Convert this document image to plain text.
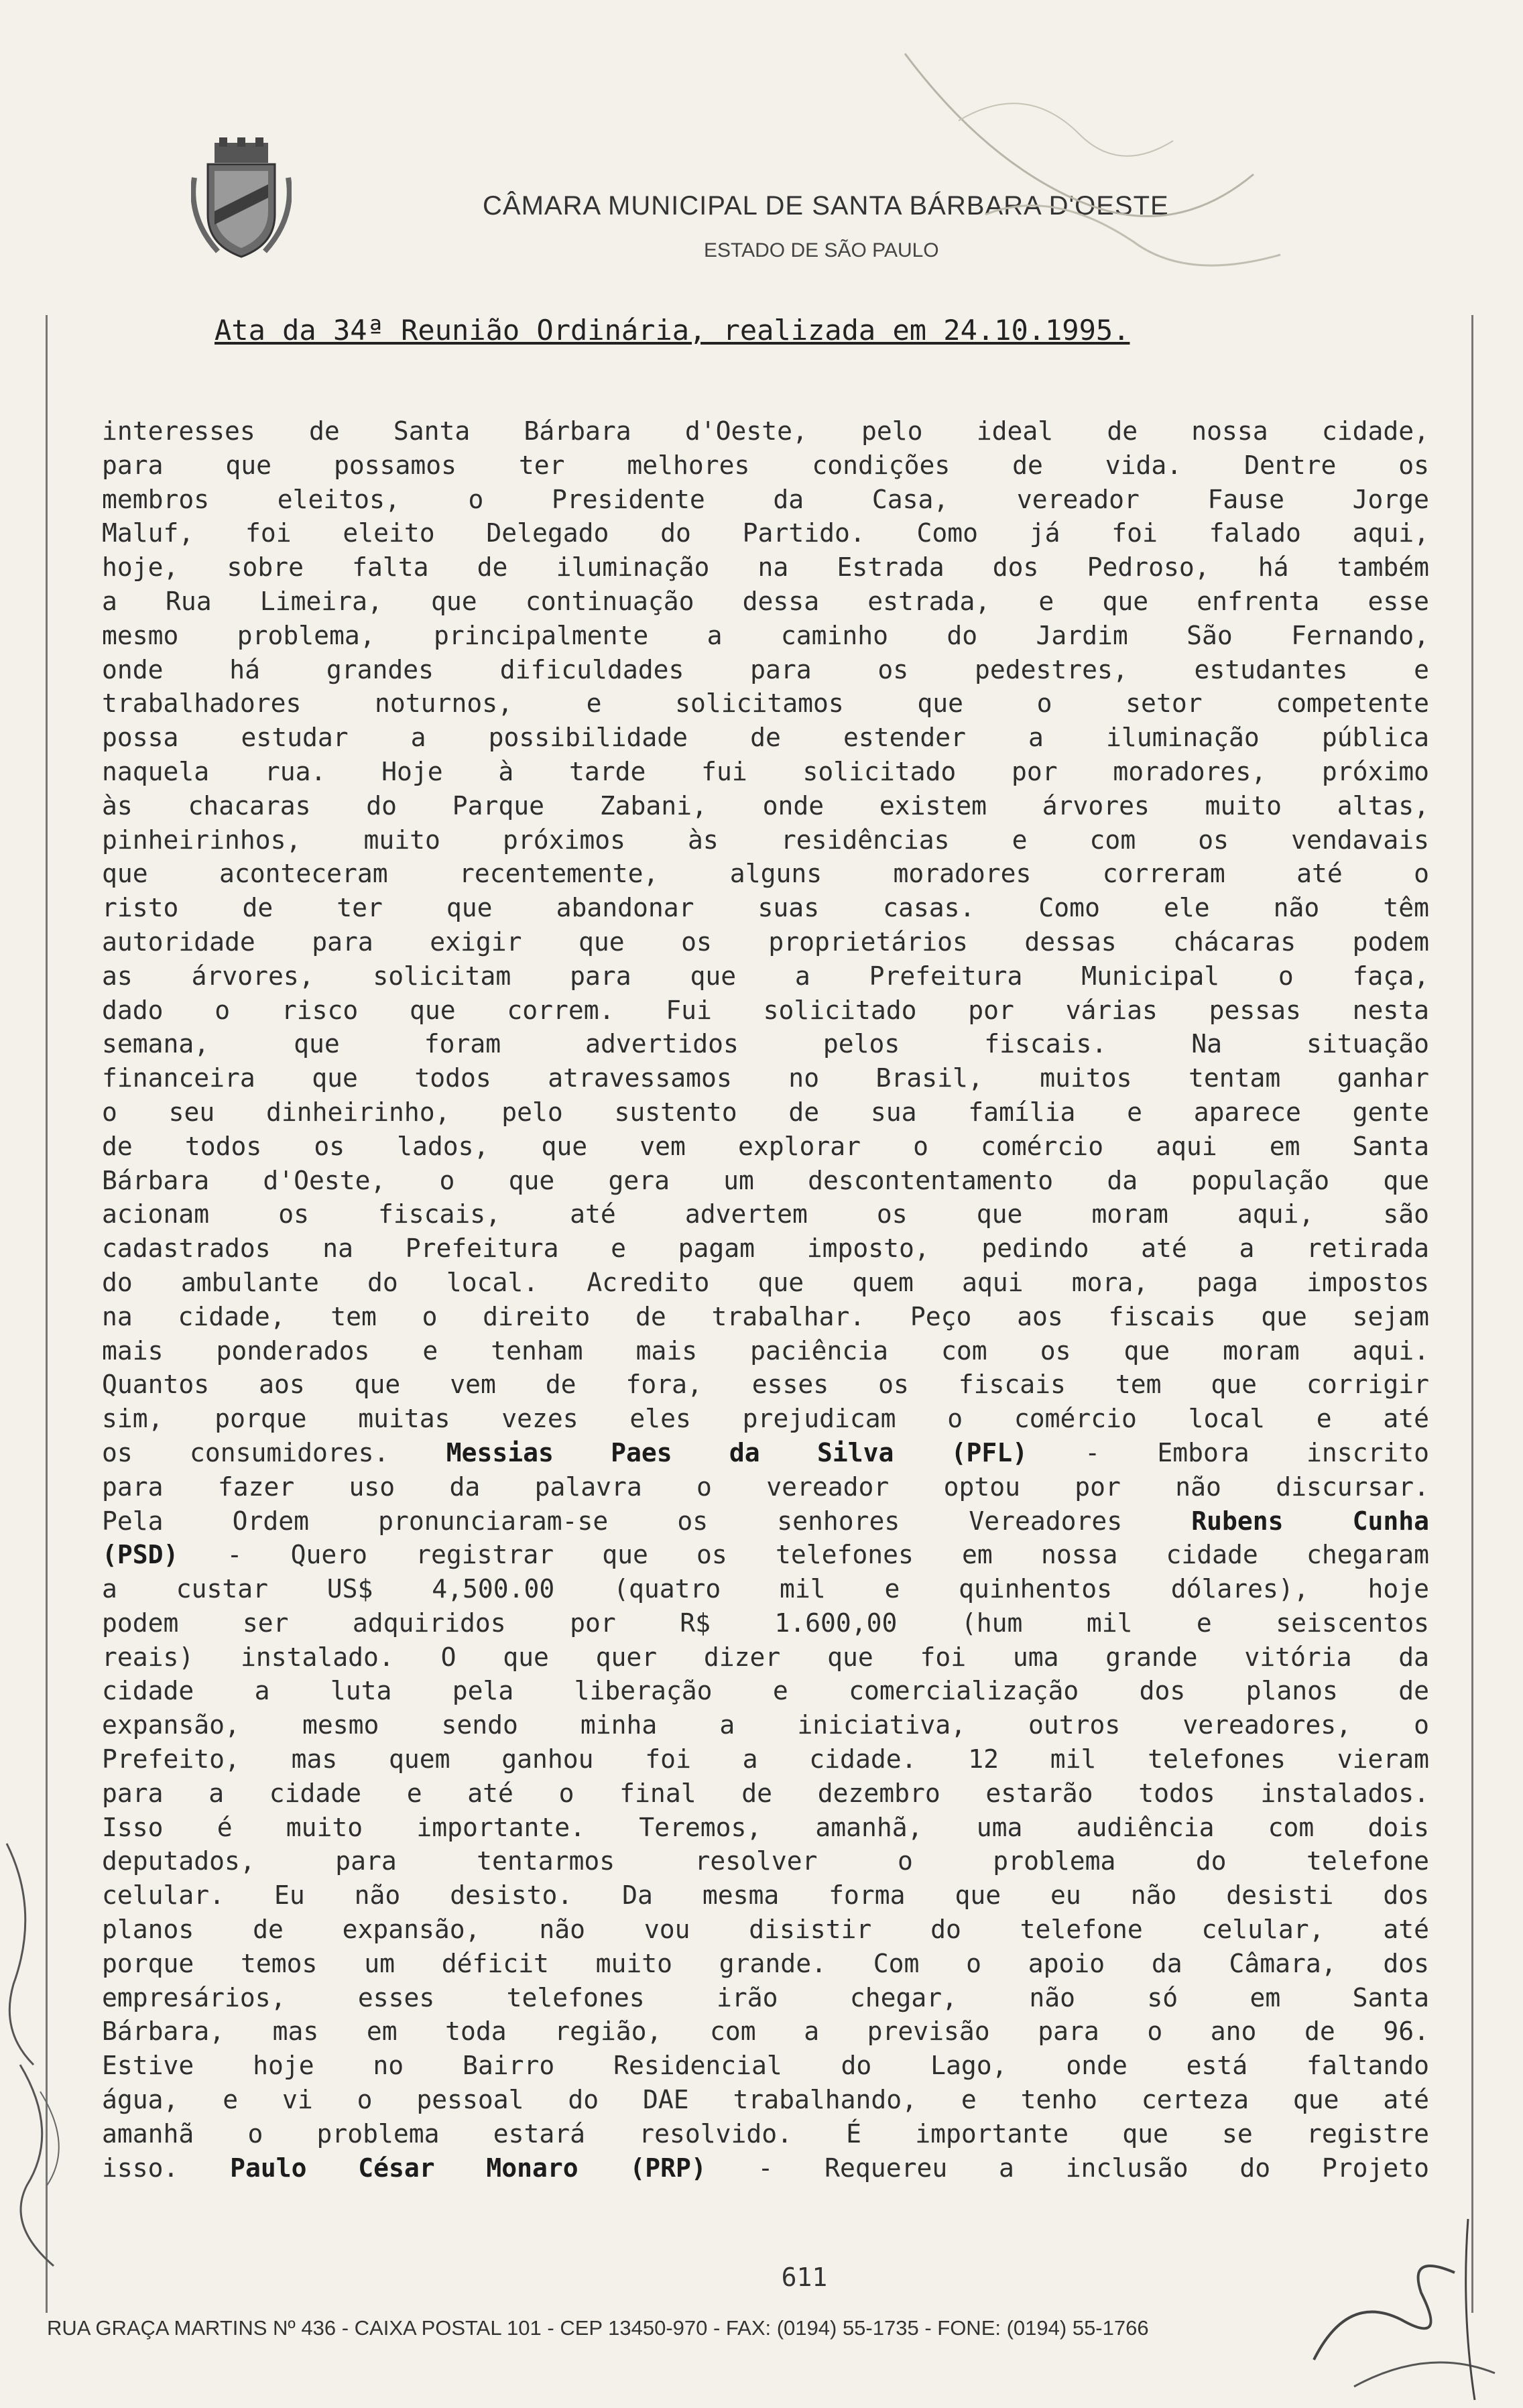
CÂMARA MUNICIPAL DE SANTA BÁRBARA D'OESTE
ESTADO DE SÃO PAULO
Ata da 34ª Reunião Ordinária, realizada em 24.10.1995.
interesses de Santa Bárbara d'Oeste, pelo ideal de nossa cidade,
para que possamos ter melhores condições de vida. Dentre os
membros eleitos, o Presidente da Casa, vereador Fause Jorge
Maluf, foi eleito Delegado do Partido. Como já foi falado aqui,
hoje, sobre falta de iluminação na Estrada dos Pedroso, há também
a Rua Limeira, que continuação dessa estrada, e que enfrenta esse
mesmo problema, principalmente a caminho do Jardim São Fernando,
onde há grandes dificuldades para os pedestres, estudantes e
trabalhadores noturnos, e solicitamos que o setor competente
possa estudar a possibilidade de estender a iluminação pública
naquela rua. Hoje à tarde fui solicitado por moradores, próximo
às chacaras do Parque Zabani, onde existem árvores muito altas,
pinheirinhos, muito próximos às residências e com os vendavais
que aconteceram recentemente, alguns moradores correram até o
risto de ter que abandonar suas casas. Como ele não têm
autoridade para exigir que os proprietários dessas chácaras podem
as árvores, solicitam para que a Prefeitura Municipal o faça,
dado o risco que correm. Fui solicitado por várias pessas nesta
semana, que foram advertidos pelos fiscais. Na situação
financeira que todos atravessamos no Brasil, muitos tentam ganhar
o seu dinheirinho, pelo sustento de sua família e aparece gente
de todos os lados, que vem explorar o comércio aqui em Santa
Bárbara d'Oeste, o que gera um descontentamento da população que
acionam os fiscais, até advertem os que moram aqui, são
cadastrados na Prefeitura e pagam imposto, pedindo até a retirada
do ambulante do local. Acredito que quem aqui mora, paga impostos
na cidade, tem o direito de trabalhar. Peço aos fiscais que sejam
mais ponderados e tenham mais paciência com os que moram aqui.
Quantos aos que vem de fora, esses os fiscais tem que corrigir
sim, porque muitas vezes eles prejudicam o comércio local e até
os consumidores. Messias Paes da Silva (PFL) - Embora inscrito
para fazer uso da palavra o vereador optou por não discursar.
Pela Ordem pronunciaram-se os senhores Vereadores Rubens Cunha
(PSD) - Quero registrar que os telefones em nossa cidade chegaram
a custar US$ 4,500.00 (quatro mil e quinhentos dólares), hoje
podem ser adquiridos por R$ 1.600,00 (hum mil e seiscentos
reais) instalado. O que quer dizer que foi uma grande vitória da
cidade a luta pela liberação e comercialização dos planos de
expansão, mesmo sendo minha a iniciativa, outros vereadores, o
Prefeito, mas quem ganhou foi a cidade. 12 mil telefones vieram
para a cidade e até o final de dezembro estarão todos instalados.
Isso é muito importante. Teremos, amanhã, uma audiência com dois
deputados, para tentarmos resolver o problema do telefone
celular. Eu não desisto. Da mesma forma que eu não desisti dos
planos de expansão, não vou disistir do telefone celular, até
porque temos um déficit muito grande. Com o apoio da Câmara, dos
empresários, esses telefones irão chegar, não só em Santa
Bárbara, mas em toda região, com a previsão para o ano de 96.
Estive hoje no Bairro Residencial do Lago, onde está faltando
água, e vi o pessoal do DAE trabalhando, e tenho certeza que até
amanhã o problema estará resolvido. É importante que se registre
isso. Paulo César Monaro (PRP) - Requereu a inclusão do Projeto
611
RUA GRAÇA MARTINS Nº 436 - CAIXA POSTAL 101 - CEP 13450-970 - FAX: (0194) 55-1735 - FONE: (0194) 55-1766
